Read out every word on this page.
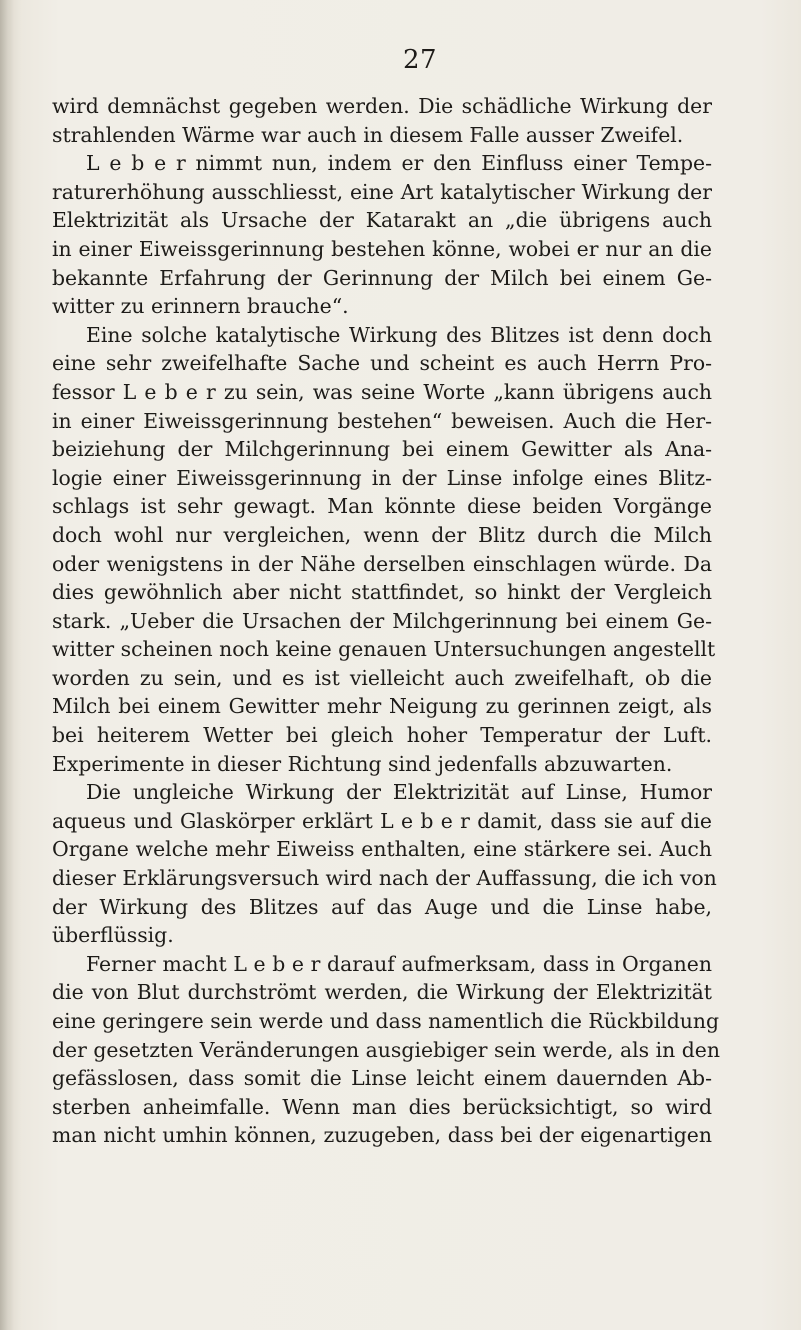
27
wird demnächst gegeben werden. Die schädliche Wirkung der
strahlenden Wärme war auch in diesem Falle ausser Zweifel.
L e b e r nimmt nun, indem er den Einfluss einer Tempe-
raturerhöhung ausschliesst, eine Art katalytischer Wirkung der
Elektrizität als Ursache der Katarakt an „die übrigens auch
in einer Eiweissgerinnung bestehen könne, wobei er nur an die
bekannte Erfahrung der Gerinnung der Milch bei einem Ge-
witter zu erinnern brauche“.
Eine solche katalytische Wirkung des Blitzes ist denn doch
eine sehr zweifelhafte Sache und scheint es auch Herrn Pro-
fessor L e b e r zu sein, was seine Worte „kann übrigens auch
in einer Eiweissgerinnung bestehen“ beweisen. Auch die Her-
beiziehung der Milchgerinnung bei einem Gewitter als Ana-
logie einer Eiweissgerinnung in der Linse infolge eines Blitz-
schlags ist sehr gewagt. Man könnte diese beiden Vorgänge
doch wohl nur vergleichen, wenn der Blitz durch die Milch
oder wenigstens in der Nähe derselben einschlagen würde. Da
dies gewöhnlich aber nicht stattfindet, so hinkt der Vergleich
stark. „Ueber die Ursachen der Milchgerinnung bei einem Ge-
witter scheinen noch keine genauen Untersuchungen angestellt
worden zu sein, und es ist vielleicht auch zweifelhaft, ob die
Milch bei einem Gewitter mehr Neigung zu gerinnen zeigt, als
bei heiterem Wetter bei gleich hoher Temperatur der Luft.
Experimente in dieser Richtung sind jedenfalls abzuwarten.
Die ungleiche Wirkung der Elektrizität auf Linse, Humor
aqueus und Glaskörper erklärt L e b e r damit, dass sie auf die
Organe welche mehr Eiweiss enthalten, eine stärkere sei. Auch
dieser Erklärungsversuch wird nach der Auffassung, die ich von
der Wirkung des Blitzes auf das Auge und die Linse habe,
überflüssig.
Ferner macht L e b e r darauf aufmerksam, dass in Organen
die von Blut durchströmt werden, die Wirkung der Elektrizität
eine geringere sein werde und dass namentlich die Rückbildung
der gesetzten Veränderungen ausgiebiger sein werde, als in den
gefässlosen, dass somit die Linse leicht einem dauernden Ab-
sterben anheimfalle. Wenn man dies berücksichtigt, so wird
man nicht umhin können, zuzugeben, dass bei der eigenartigen
